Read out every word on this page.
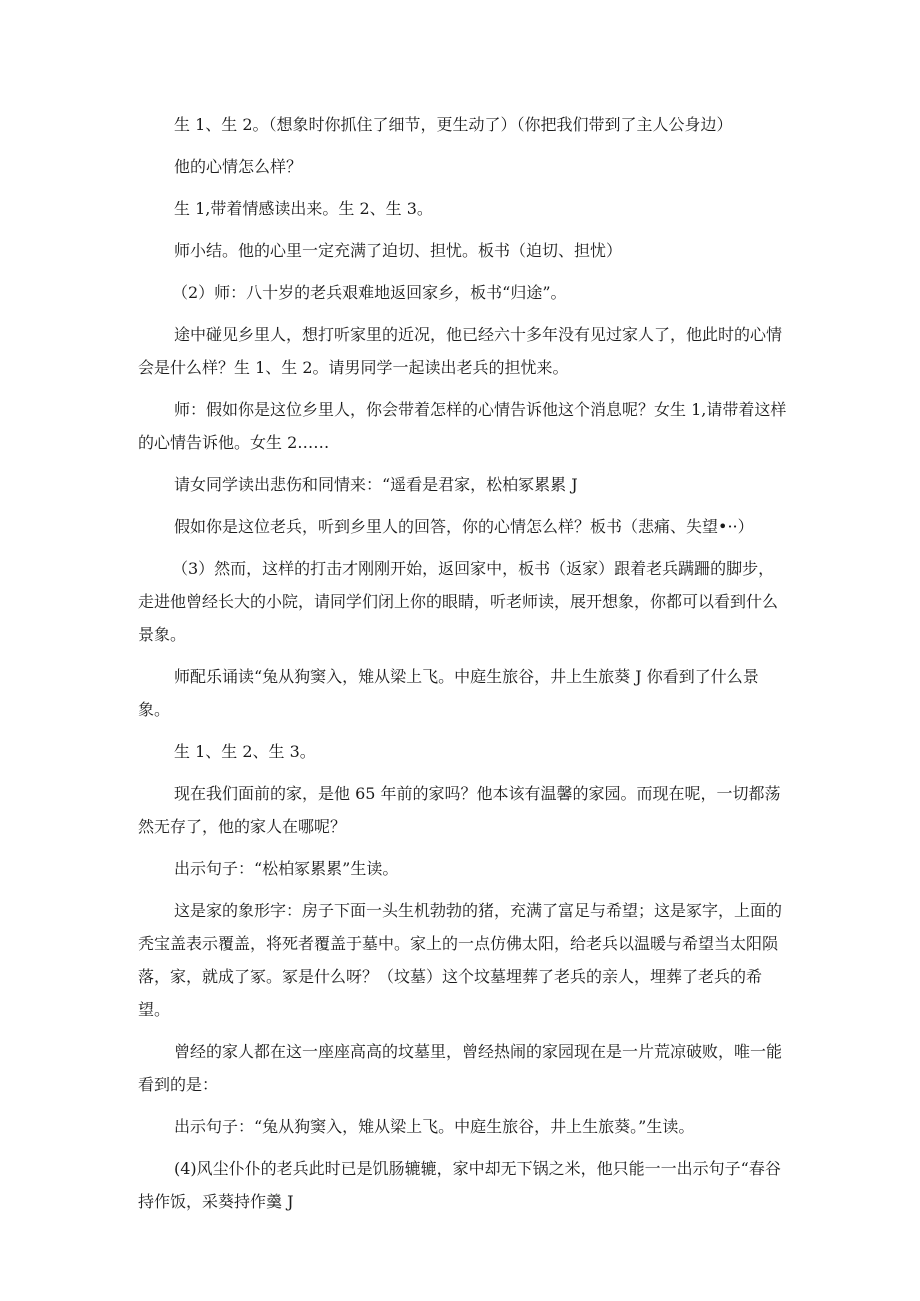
生 1、生 2。（想象时你抓住了细节，更生动了）（你把我们带到了主人公身边）

他的心情怎么样？

生 1,带着情感读出来。生 2、生 3。

师小结。他的心里一定充满了迫切、担忧。板书（迫切、担忧）

（2）师：八十岁的老兵艰难地返回家乡，板书“归途”。

途中碰见乡里人，想打听家里的近况，他已经六十多年没有见过家人了，他此时的心情会是什么样？生 1、生 2。请男同学一起读出老兵的担忧来。

师：假如你是这位乡里人，你会带着怎样的心情告诉他这个消息呢？女生 1,请带着这样的心情告诉他。女生 2……

请女同学读出悲伤和同情来：“遥看是君家，松柏冢累累 J

假如你是这位老兵，听到乡里人的回答，你的心情怎么样？板书（悲痛、失望•··）

（3）然而，这样的打击才刚刚开始，返回家中，板书（返家）跟着老兵蹒跚的脚步，走进他曾经长大的小院，请同学们闭上你的眼睛，听老师读，展开想象，你都可以看到什么景象。

师配乐诵读“兔从狗窦入，雉从梁上飞。中庭生旅谷，井上生旅葵 J 你看到了什么景象。

生 1、生 2、生 3。

现在我们面前的家，是他 65 年前的家吗？他本该有温馨的家园。而现在呢，一切都荡然无存了，他的家人在哪呢？

出示句子：“松柏冢累累”生读。

这是家的象形字：房子下面一头生机勃勃的猪，充满了富足与希望；这是冢字，上面的秃宝盖表示覆盖，将死者覆盖于墓中。家上的一点仿佛太阳，给老兵以温暖与希望当太阳陨落，家，就成了冢。冢是什么呀？（坟墓）这个坟墓埋葬了老兵的亲人，埋葬了老兵的希望。

曾经的家人都在这一座座高高的坟墓里，曾经热闹的家园现在是一片荒凉破败，唯一能看到的是：

出示句子：“兔从狗窦入，雉从梁上飞。中庭生旅谷，井上生旅葵。”生读。

(4)风尘仆仆的老兵此时已是饥肠辘辘，家中却无下锅之米，他只能一一出示句子“春谷持作饭，采葵持作羹 J
